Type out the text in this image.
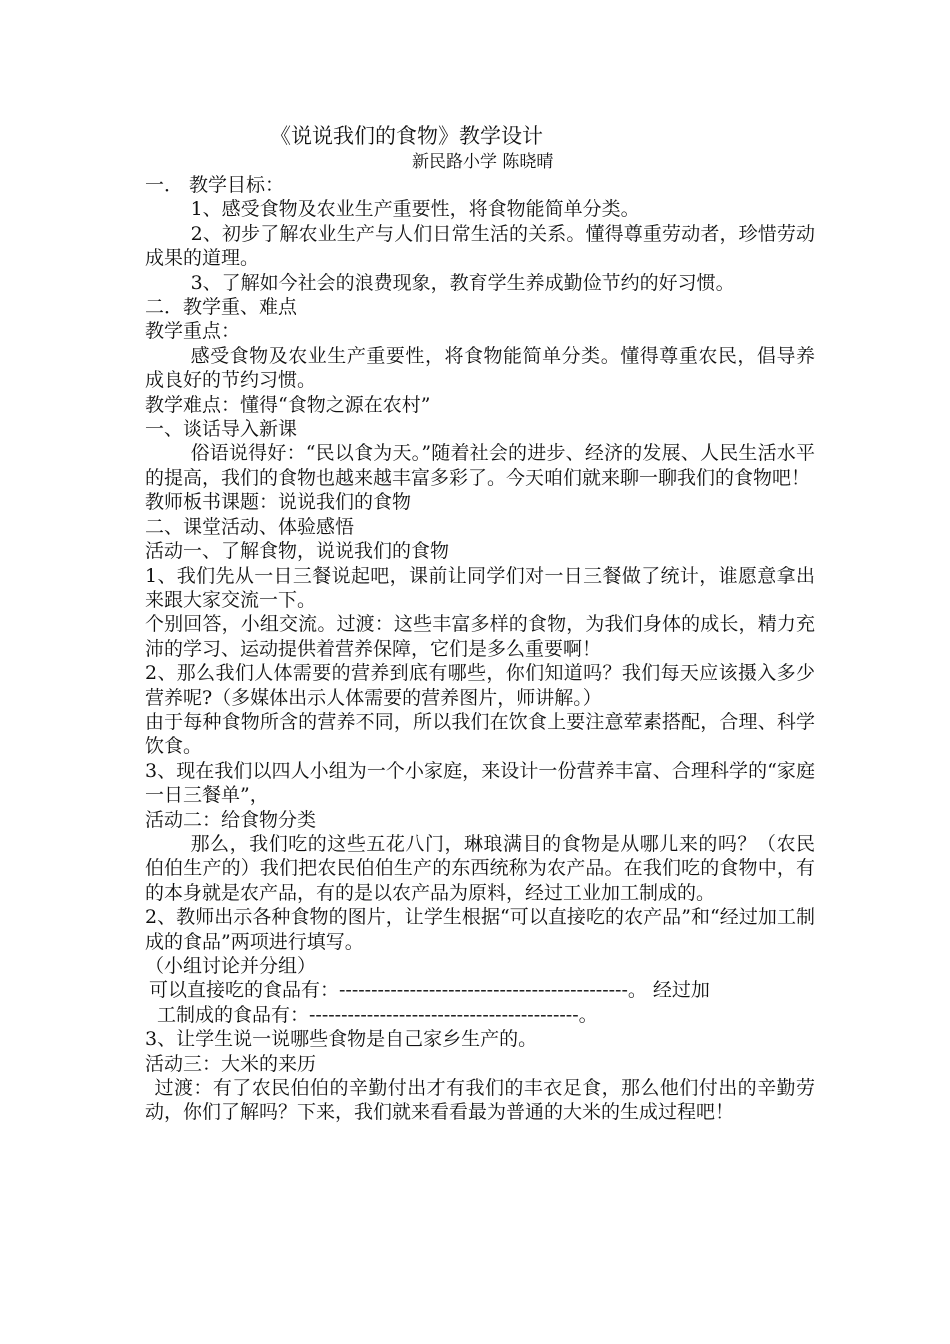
《说说我们的食物》教学设计
新民路小学 陈晓晴

一． 教学目标：

1、感受食物及农业生产重要性，将食物能简单分类。

2、初步了解农业生产与人们日常生活的关系。懂得尊重劳动者，珍惜劳动成果的道理。

3、了解如今社会的浪费现象，教育学生养成勤俭节约的好习惯。

二．教学重、难点

教学重点：

感受食物及农业生产重要性，将食物能简单分类。懂得尊重农民，倡导养成良好的节约习惯。

教学难点：懂得“食物之源在农村”

一、谈话导入新课

俗语说得好：“民以食为天。”随着社会的进步、经济的发展、人民生活水平的提高，我们的食物也越来越丰富多彩了。今天咱们就来聊一聊我们的食物吧！

教师板书课题：说说我们的食物

二、课堂活动、体验感悟

活动一、了解食物，说说我们的食物

1、我们先从一日三餐说起吧，课前让同学们对一日三餐做了统计，谁愿意拿出来跟大家交流一下。

个别回答，小组交流。过渡：这些丰富多样的食物，为我们身体的成长，精力充沛的学习、运动提供着营养保障，它们是多么重要啊！

2、那么我们人体需要的营养到底有哪些，你们知道吗？我们每天应该摄入多少营养呢?（多媒体出示人体需要的营养图片，师讲解。）

由于每种食物所含的营养不同，所以我们在饮食上要注意荤素搭配，合理、科学饮食。

3、现在我们以四人小组为一个小家庭，来设计一份营养丰富、合理科学的“家庭一日三餐单”，

活动二：给食物分类

那么，我们吃的这些五花八门，琳琅满目的食物是从哪儿来的吗？（农民伯伯生产的）我们把农民伯伯生产的东西统称为农产品。在我们吃的食物中，有的本身就是农产品，有的是以农产品为原料，经过工业加工制成的。

2、教师出示各种食物的图片，让学生根据“可以直接吃的农产品”和“经过加工制成的食品”两项进行填写。

（小组讨论并分组）

可以直接吃的食品有：---------------------------------------------。 经过加

工制成的食品有：------------------------------------------。

3、让学生说一说哪些食物是自己家乡生产的。

活动三：大米的来历

过渡：有了农民伯伯的辛勤付出才有我们的丰衣足食，那么他们付出的辛勤劳动，你们了解吗？下来，我们就来看看最为普通的大米的生成过程吧！
